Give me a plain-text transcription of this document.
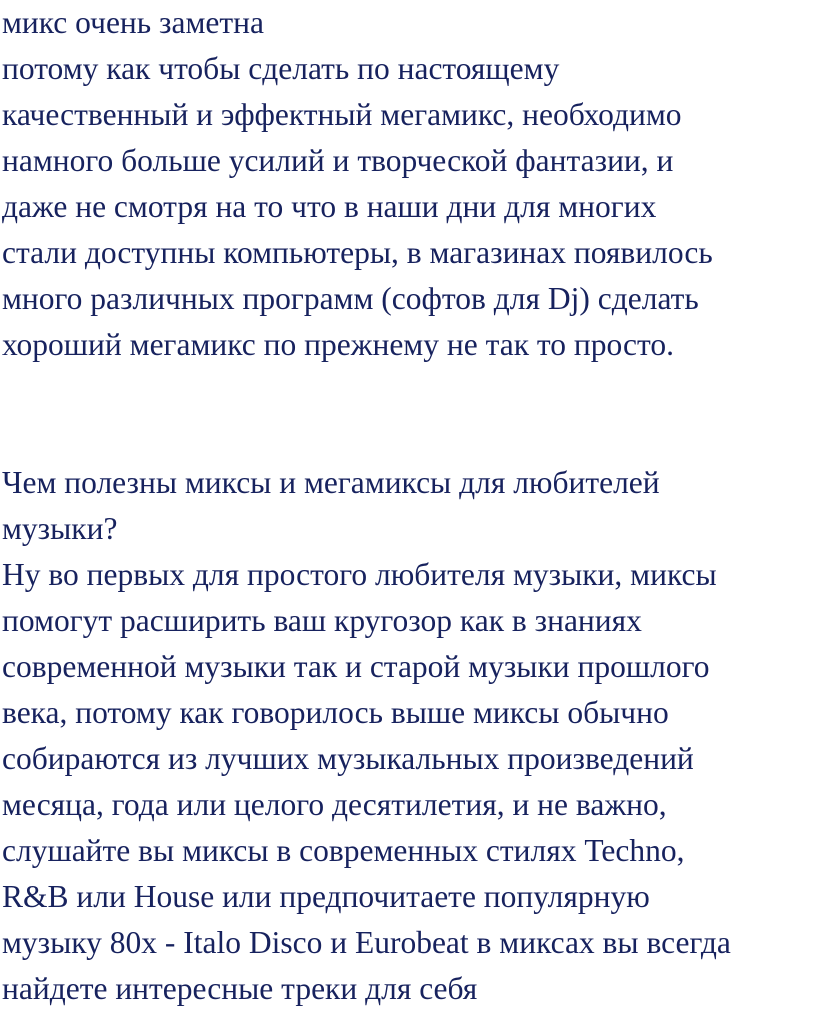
микс очень заметна
потому как чтобы сделать по настоящему
качественный и эффектный мегамикс, необходимо
намного больше усилий и творческой фантазии, и
даже не смотря на то что в наши дни для многих
стали доступны компьютеры, в магазинах появилось
много различных программ (софтов для Dj) сделать
хороший мегамикс по прежнему не так то просто.
Чем полезны миксы и мегамиксы для любителей
музыки?
Ну во первых для простого любителя музыки, миксы
помогут расширить ваш кругозор как в знаниях
современной музыки так и старой музыки прошлого
века, потому как говорилось выше миксы обычно
собираются из лучших музыкальных произведений
месяца, года или целого десятилетия, и не важно,
слушайте вы миксы в современных стилях Techno,
R&B или House или предпочитаете популярную
музыку 80х - Italo Disco и Eurobeat в миксах вы всегда
найдете интересные треки для себя
